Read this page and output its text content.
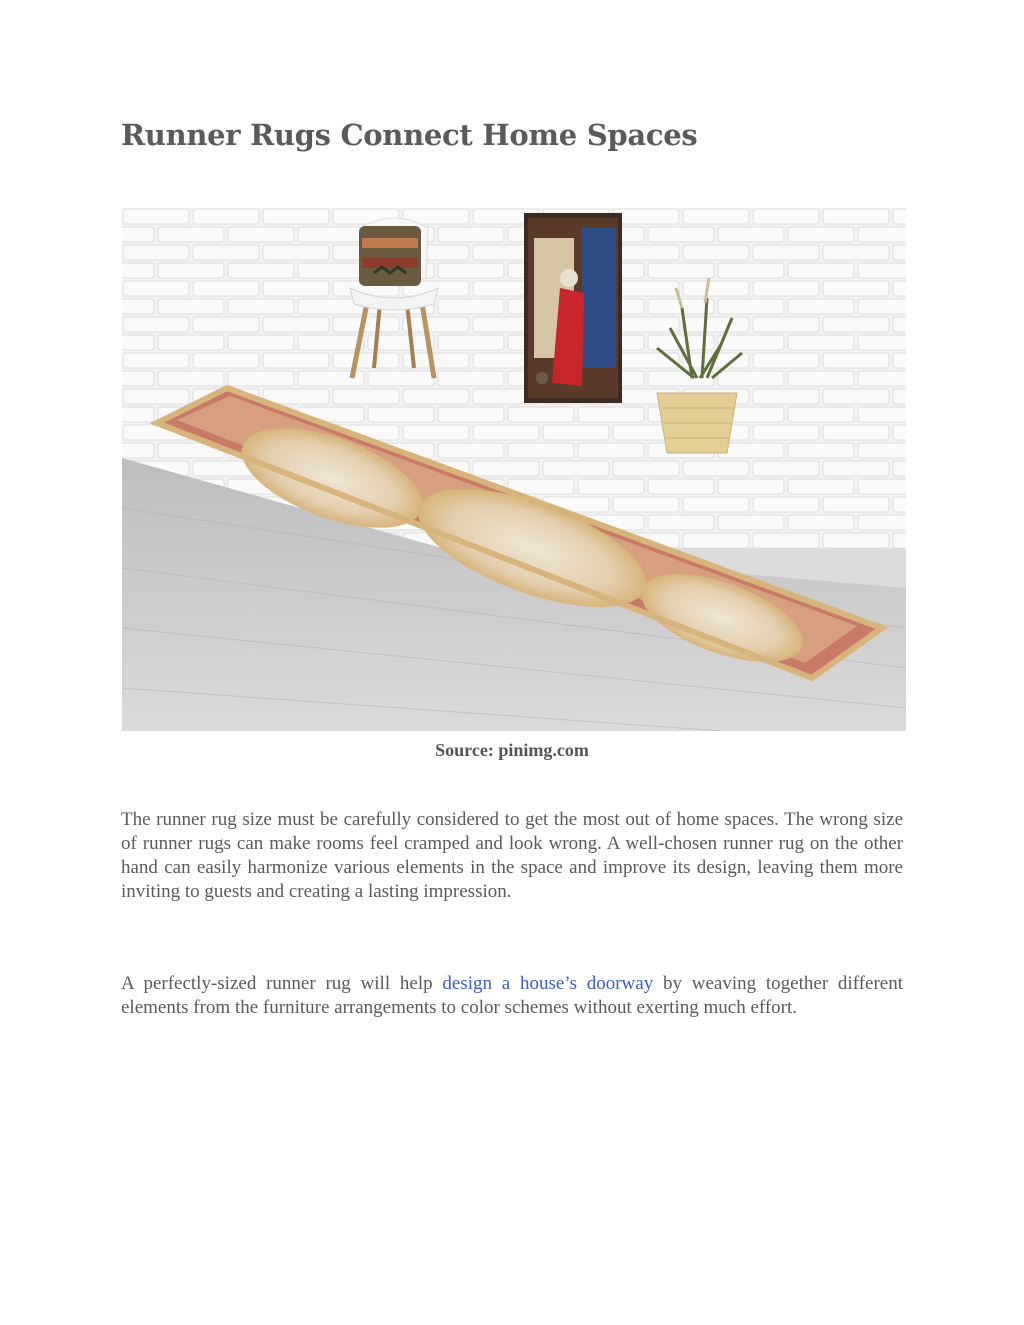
Runner Rugs Connect Home Spaces
Source: pinimg.com

The runner rug size must be carefully considered to get the most out of home spaces. The wrong size of runner rugs can make rooms feel cramped and look wrong. A well-chosen runner rug on the other hand can easily harmonize various elements in the space and improve its design, leaving them more inviting to guests and creating a lasting impression.

A perfectly-sized runner rug will help design a house’s doorway by weaving together different elements from the furniture arrangements to color schemes without exerting much effort.
